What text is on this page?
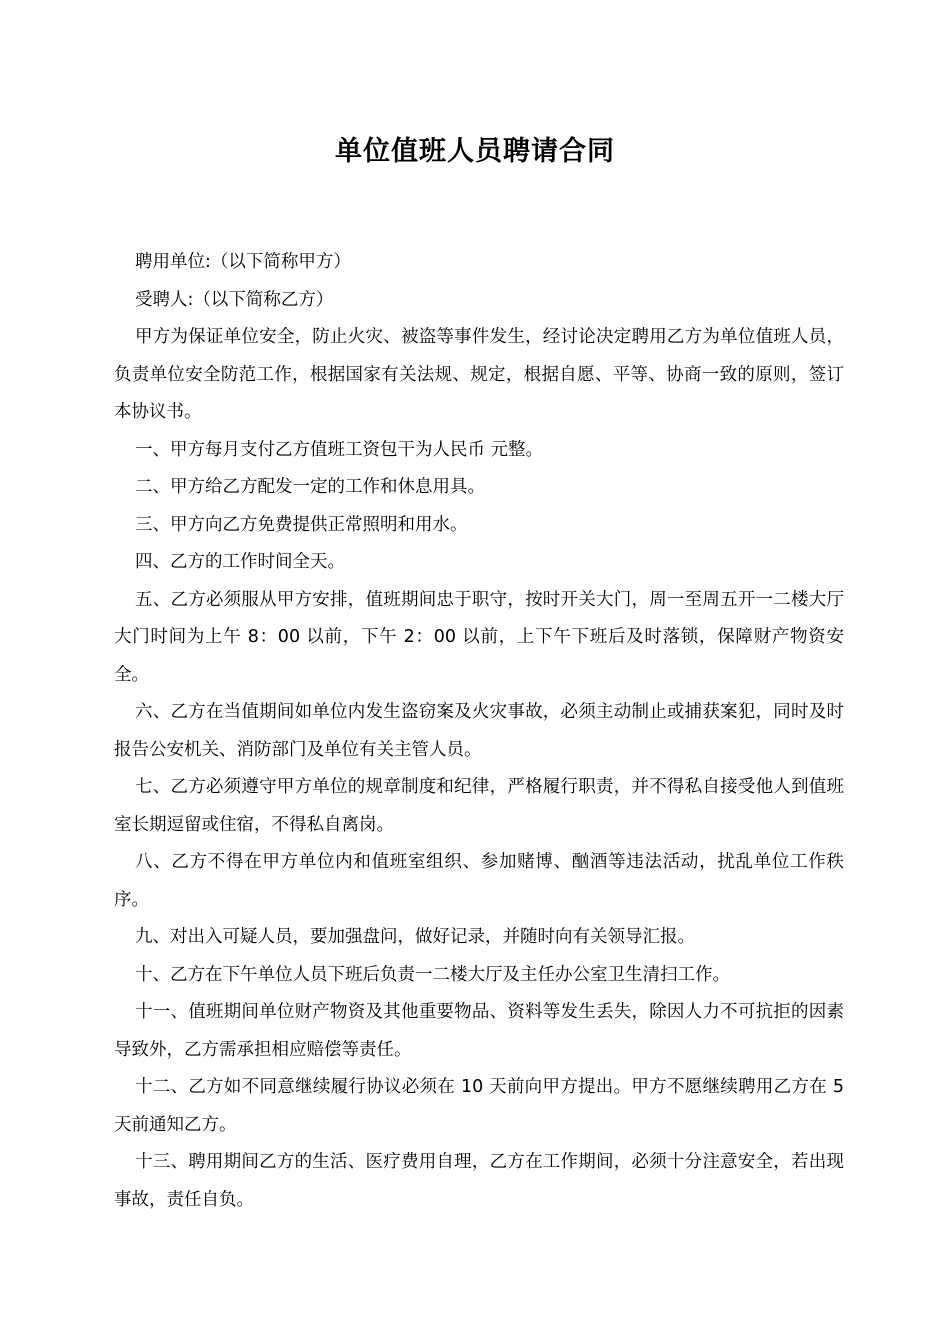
单位值班人员聘请合同

聘用单位:（以下简称甲方）

受聘人:（以下简称乙方）

甲方为保证单位安全，防止火灾、被盗等事件发生，经讨论决定聘用乙方为单位值班人员，负责单位安全防范工作，根据国家有关法规、规定，根据自愿、平等、协商一致的原则，签订本协议书。

一、甲方每月支付乙方值班工资包干为人民币 元整。

二、甲方给乙方配发一定的工作和休息用具。

三、甲方向乙方免费提供正常照明和用水。

四、乙方的工作时间全天。

五、乙方必须服从甲方安排，值班期间忠于职守，按时开关大门，周一至周五开一二楼大厅大门时间为上午 8：00 以前，下午 2：00 以前，上下午下班后及时落锁，保障财产物资安全。

六、乙方在当值期间如单位内发生盗窃案及火灾事故，必须主动制止或捕获案犯，同时及时报告公安机关、消防部门及单位有关主管人员。

七、乙方必须遵守甲方单位的规章制度和纪律，严格履行职责，并不得私自接受他人到值班室长期逗留或住宿，不得私自离岗。

八、乙方不得在甲方单位内和值班室组织、参加赌博、酗酒等违法活动，扰乱单位工作秩序。

九、对出入可疑人员，要加强盘问，做好记录，并随时向有关领导汇报。

十、乙方在下午单位人员下班后负责一二楼大厅及主任办公室卫生清扫工作。

十一、值班期间单位财产物资及其他重要物品、资料等发生丢失，除因人力不可抗拒的因素导致外，乙方需承担相应赔偿等责任。

十二、乙方如不同意继续履行协议必须在 10 天前向甲方提出。甲方不愿继续聘用乙方在 5 天前通知乙方。

十三、聘用期间乙方的生活、医疗费用自理，乙方在工作期间，必须十分注意安全，若出现事故，责任自负。
